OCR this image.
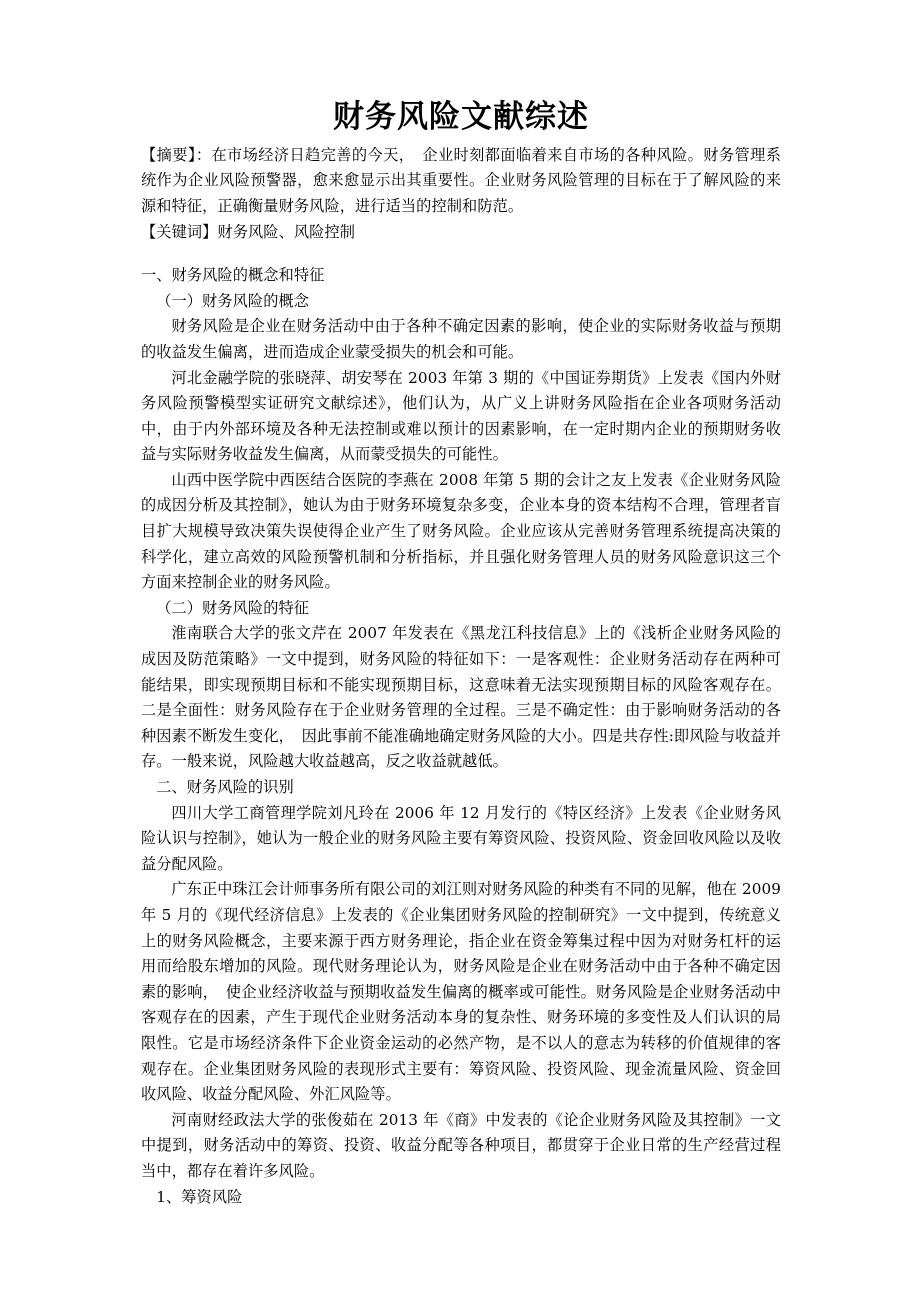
财务风险文献综述

【摘要】：在市场经济日趋完善的今天，　企业时刻都面临着来自市场的各种风险。财务管理系统作为企业风险预警器，愈来愈显示出其重要性。企业财务风险管理的目标在于了解风险的来源和特征，正确衡量财务风险，进行适当的控制和防范。

【关键词】财务风险、风险控制

一、财务风险的概念和特征

（一）财务风险的概念

财务风险是企业在财务活动中由于各种不确定因素的影响，使企业的实际财务收益与预期的收益发生偏离，进而造成企业蒙受损失的机会和可能。

河北金融学院的张晓萍、胡安琴在 2003 年第 3 期的《中国证券期货》上发表《国内外财务风险预警模型实证研究文献综述》，他们认为，从广义上讲财务风险指在企业各项财务活动中，由于内外部环境及各种无法控制或难以预计的因素影响，在一定时期内企业的预期财务收益与实际财务收益发生偏离，从而蒙受损失的可能性。

山西中医学院中西医结合医院的李燕在 2008 年第 5 期的会计之友上发表《企业财务风险的成因分析及其控制》，她认为由于财务环境复杂多变，企业本身的资本结构不合理，管理者盲目扩大规模导致决策失误使得企业产生了财务风险。企业应该从完善财务管理系统提高决策的科学化，建立高效的风险预警机制和分析指标，并且强化财务管理人员的财务风险意识这三个方面来控制企业的财务风险。

（二）财务风险的特征

淮南联合大学的张文芹在 2007 年发表在《黑龙江科技信息》上的《浅析企业财务风险的成因及防范策略》一文中提到，财务风险的特征如下：一是客观性：企业财务活动存在两种可能结果，即实现预期目标和不能实现预期目标，这意味着无法实现预期目标的风险客观存在。二是全面性：财务风险存在于企业财务管理的全过程。三是不确定性：由于影响财务活动的各种因素不断发生变化，　因此事前不能准确地确定财务风险的大小。四是共存性:即风险与收益并存。一般来说，风险越大收益越高，反之收益就越低。

二、财务风险的识别

四川大学工商管理学院刘凡玲在 2006 年 12 月发行的《特区经济》上发表《企业财务风险认识与控制》，她认为一般企业的财务风险主要有筹资风险、投资风险、资金回收风险以及收益分配风险。

广东正中珠江会计师事务所有限公司的刘江则对财务风险的种类有不同的见解，他在 2009 年 5 月的《现代经济信息》上发表的《企业集团财务风险的控制研究》一文中提到，传统意义上的财务风险概念，主要来源于西方财务理论，指企业在资金筹集过程中因为对财务杠杆的运用而给股东增加的风险。现代财务理论认为，财务风险是企业在财务活动中由于各种不确定因素的影响，　使企业经济收益与预期收益发生偏离的概率或可能性。财务风险是企业财务活动中客观存在的因素，产生于现代企业财务活动本身的复杂性、财务环境的多变性及人们认识的局限性。它是市场经济条件下企业资金运动的必然产物，是不以人的意志为转移的价值规律的客观存在。企业集团财务风险的表现形式主要有：筹资风险、投资风险、现金流量风险、资金回收风险、收益分配风险、外汇风险等。

河南财经政法大学的张俊茹在 2013 年《商》中发表的《论企业财务风险及其控制》一文中提到，财务活动中的筹资、投资、收益分配等各种项目，都贯穿于企业日常的生产经营过程当中，都存在着许多风险。

1、筹资风险
